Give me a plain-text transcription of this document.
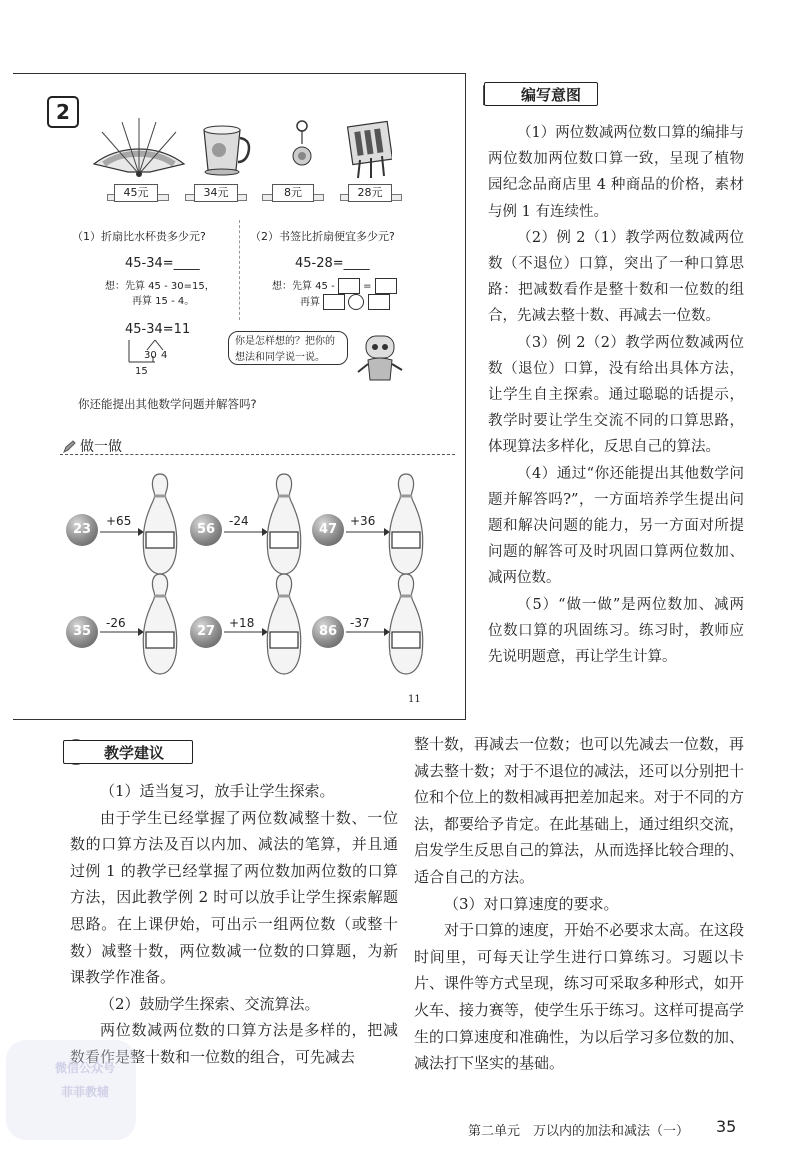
2
45元	34元	8元	28元
（1）折扇比水杯贵多少元?
45-34=____
想：先算 45 - 30=15，
再算 15 - 4。
45-34=11
30 4
15
（2）书签比折扇便宜多少元?
45-28=____
想：先算 45 -	=
再算
你是怎样想的？把你的想法和同学说一说。
你还能提出其他数学问题并解答吗?
做一做
23
+65
56
-24
47
+36
35
-26
27
+18
86
-37
11
编写意图

（1）两位数减两位数口算的编排与两位数加两位数口算一致，呈现了植物园纪念品商店里 4 种商品的价格，素材与例 1 有连续性。

（2）例 2（1）教学两位数减两位数（不退位）口算，突出了一种口算思路：把减数看作是整十数和一位数的组合，先减去整十数、再减去一位数。

（3）例 2（2）教学两位数减两位数（退位）口算，没有给出具体方法，让学生自主探索。通过聪聪的话提示，教学时要让学生交流不同的口算思路，体现算法多样化，反思自己的算法。

（4）通过“你还能提出其他数学问题并解答吗?”，一方面培养学生提出问题和解决问题的能力，另一方面对所提问题的解答可及时巩固口算两位数加、减两位数。

（5）“做一做”是两位数加、减两位数口算的巩固练习。练习时，教师应先说明题意，再让学生计算。

教学建议

（1）适当复习，放手让学生探索。

由于学生已经掌握了两位数减整十数、一位数的口算方法及百以内加、减法的笔算，并且通过例 1 的教学已经掌握了两位数加两位数的口算方法，因此教学例 2 时可以放手让学生探索解题思路。在上课伊始，可出示一组两位数（或整十数）减整十数，两位数减一位数的口算题，为新课教学作准备。

（2）鼓励学生探索、交流算法。

两位数减两位数的口算方法是多样的，把减数看作是整十数和一位数的组合，可先减去

整十数，再减去一位数；也可以先减去一位数，再减去整十数；对于不退位的减法，还可以分别把十位和个位上的数相减再把差加起来。对于不同的方法，都要给予肯定。在此基础上，通过组织交流，启发学生反思自己的算法，从而选择比较合理的、适合自己的方法。

（3）对口算速度的要求。

对于口算的速度，开始不必要求太高。在这段时间里，可每天让学生进行口算练习。习题以卡片、课件等方式呈现，练习可采取多种形式，如开火车、接力赛等，使学生乐于练习。这样可提高学生的口算速度和准确性，为以后学习多位数的加、减法打下坚实的基础。

第二单元　万以内的加法和减法（一） 35
微信公众号
菲菲教辅
